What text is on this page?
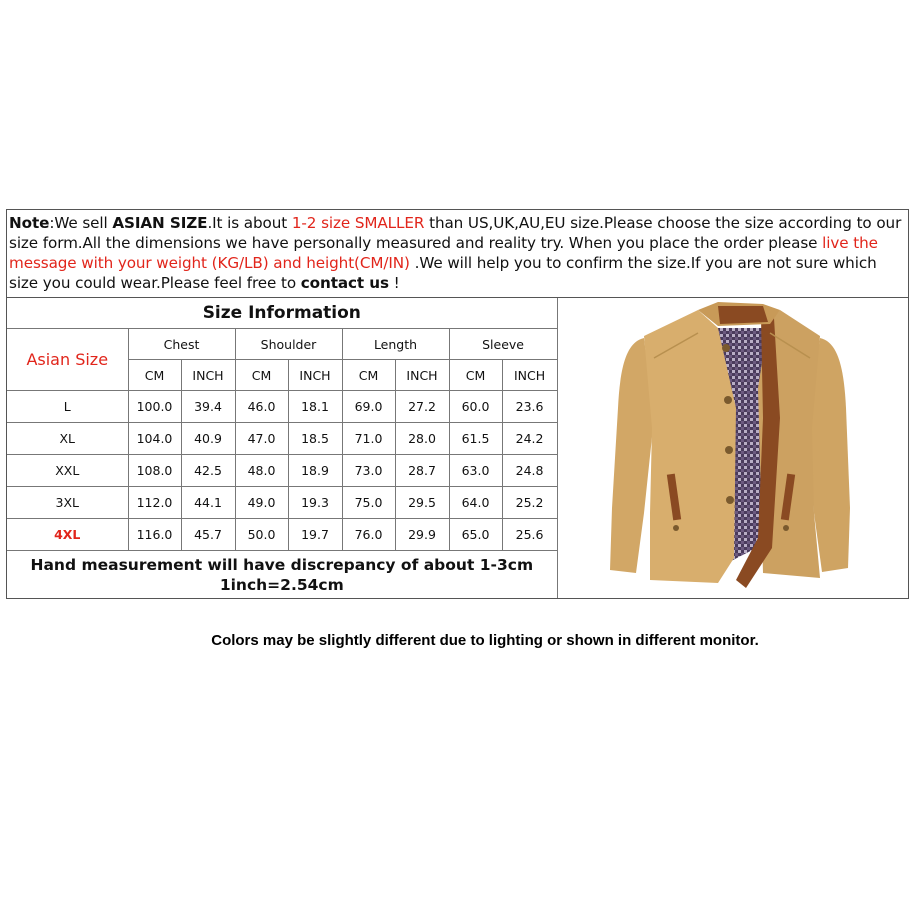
Note:We sell ASIAN SIZE.It is about 1-2 size SMALLER than US,UK,AU,EU size.Please choose the size according to our size form.All the dimensions we have personally measured and reality try. When you place the order please live the message with your weight (KG/LB) and height(CM/IN) .We will help you to confirm the size.If you are not sure which size you could wear.Please feel free to contact us !
Size Information								
Asian Size	Chest		Shoulder		Length		Sleeve	
	CM	INCH	CM	INCH	CM	INCH	CM	INCH
L	100.0	39.4	46.0	18.1	69.0	27.2	60.0	23.6
XL	104.0	40.9	47.0	18.5	71.0	28.0	61.5	24.2
XXL	108.0	42.5	48.0	18.9	73.0	28.7	63.0	24.8
3XL	112.0	44.1	49.0	19.3	75.0	29.5	64.0	25.2
4XL	116.0	45.7	50.0	19.7	76.0	29.9	65.0	25.6

Hand measurement will have discrepancy of about 1-3cm
1inch=2.54cm								
Colors may be slightly different due to lighting or shown in different monitor.
